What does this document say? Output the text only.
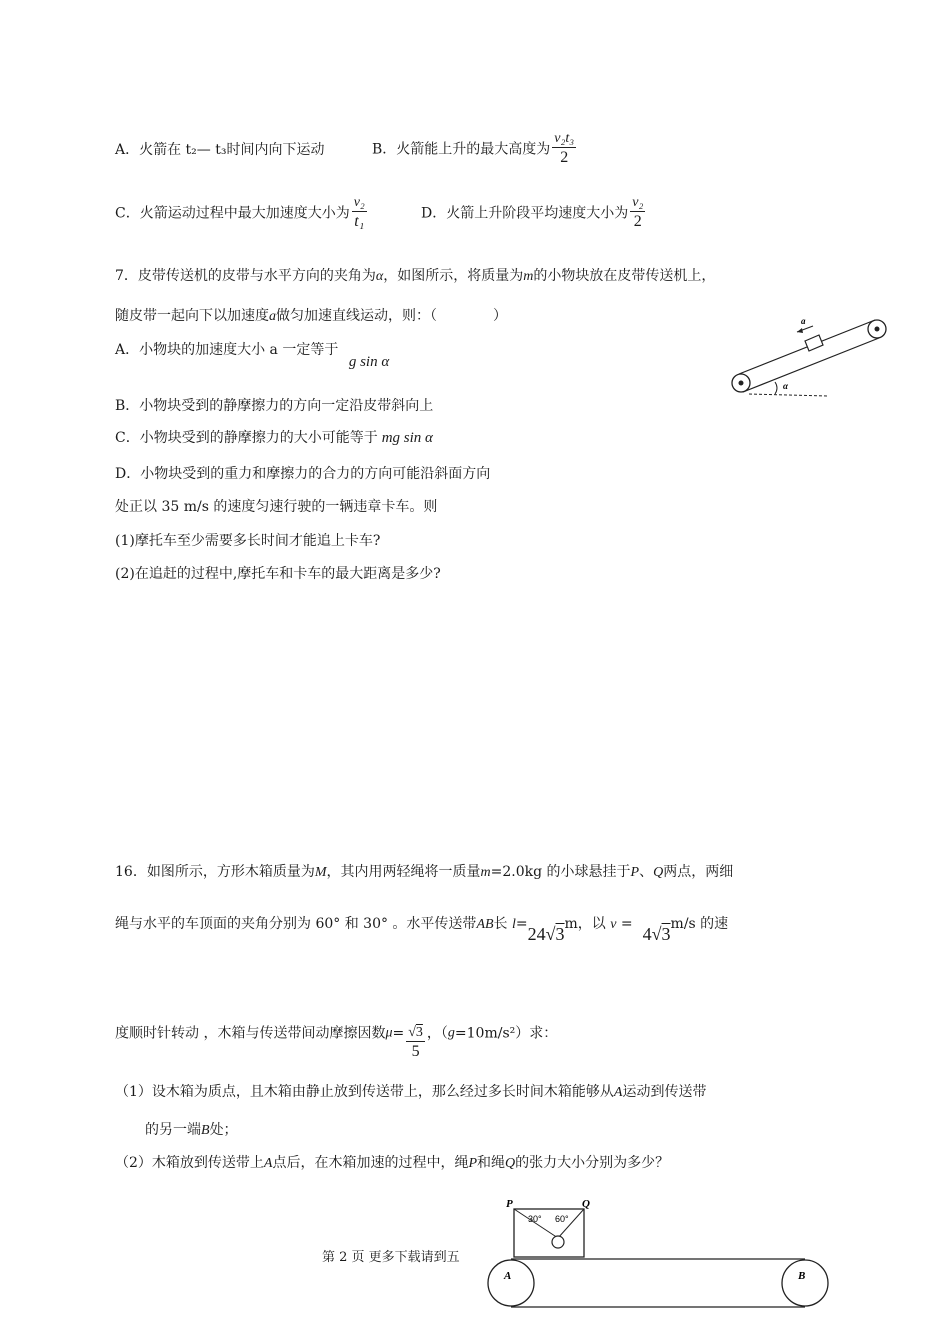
A．火箭在 t₂— t₃时间内向下运动	B．火箭能上升的最大高度为 $\frac{\text{v₂t₃}}{2}$
C．火箭运动过程中最大加速度大小为 $\frac{\text{v₂}}{\text{t₁}}$	D．火箭上升阶段平均速度大小为 $\frac{\text{v₂}}{2}$
7．皮带传送机的皮带与水平方向的夹角为α，如图所示，将质量为m的小物块放在皮带传送机上，
随皮带一起向下以加速度a做匀加速直线运动，则：（　　　　）
A．小物块的加速度大小 a 一定等于 g sin α
B．小物块受到的静摩擦力的方向一定沿皮带斜向上
C．小物块受到的静摩擦力的大小可能等于 mg sin α
D．小物块受到的重力和摩擦力的合力的方向可能沿斜面方向
a
α
处正以 35 m/s 的速度匀速行驶的一辆违章卡车。则
(1)摩托车至少需要多长时间才能追上卡车?
(2)在追赶的过程中,摩托车和卡车的最大距离是多少?
16．如图所示，方形木箱质量为M，其内用两轻绳将一质量m=2.0kg 的小球悬挂于P、Q两点，两细
绳与水平的车顶面的夹角分别为 60° 和 30° 。水平传送带AB长 l=24√3m，以 v = 4√3m/s 的速
度顺时针转动 ，木箱与传送带间动摩擦因数$\mu= \frac{√3}{5}$ ，（g=10m/s²）求：
（1）设木箱为质点，且木箱由静止放到传送带上，那么经过多长时间木箱能够从A运动到传送带
的另一端B处；
（2）木箱放到传送带上A点后，在木箱加速的过程中，绳P和绳Q的张力大小分别为多少？
第 2 页 更多下载请到五
P	Q
30° 60°
A	B
